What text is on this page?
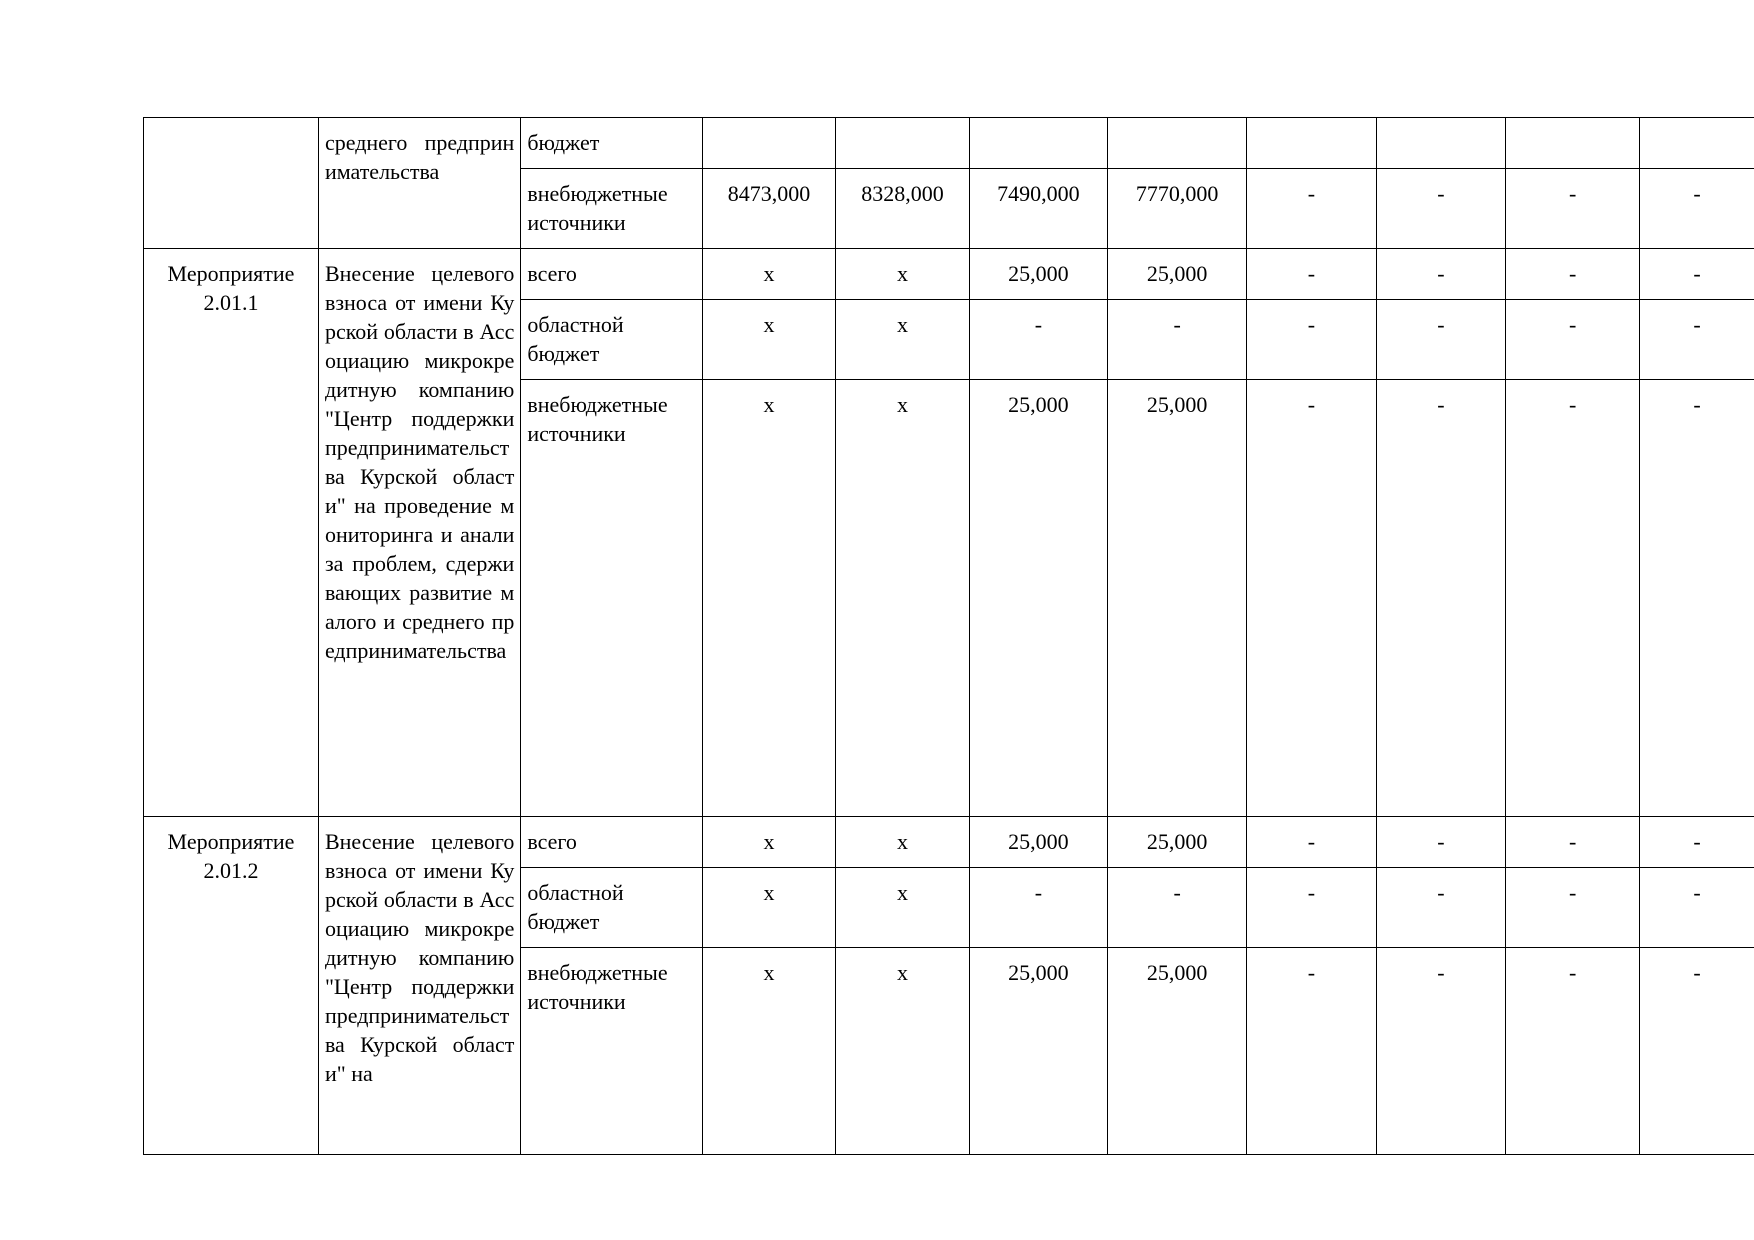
	среднего предпринимательства	бюджет								
		внебюджетные источники	8473,000	8328,000	7490,000	7770,000	-	-	-	-
Мероприятие 2.01.1	Внесение целевого взноса от имени Курской области в Ассоциацию микрокредитную компанию "Центр поддержки предпринимательства Курской области" на проведение мониторинга и анализа проблем, сдерживающих развитие малого и среднего предпринимательства	всего	х	х	25,000	25,000	-	-	-	-
		областной бюджет	х	х	-	-	-	-	-	-
		внебюджетные источники	х	х	25,000	25,000	-	-	-	-
Мероприятие 2.01.2	Внесение целевого взноса от имени Курской области в Ассоциацию микрокредитную компанию "Центр поддержки предпринимательства Курской области" на	всего	х	х	25,000	25,000	-	-	-	-
		областной бюджет	х	х	-	-	-	-	-	-
		внебюджетные источники	х	х	25,000	25,000	-	-	-	-
